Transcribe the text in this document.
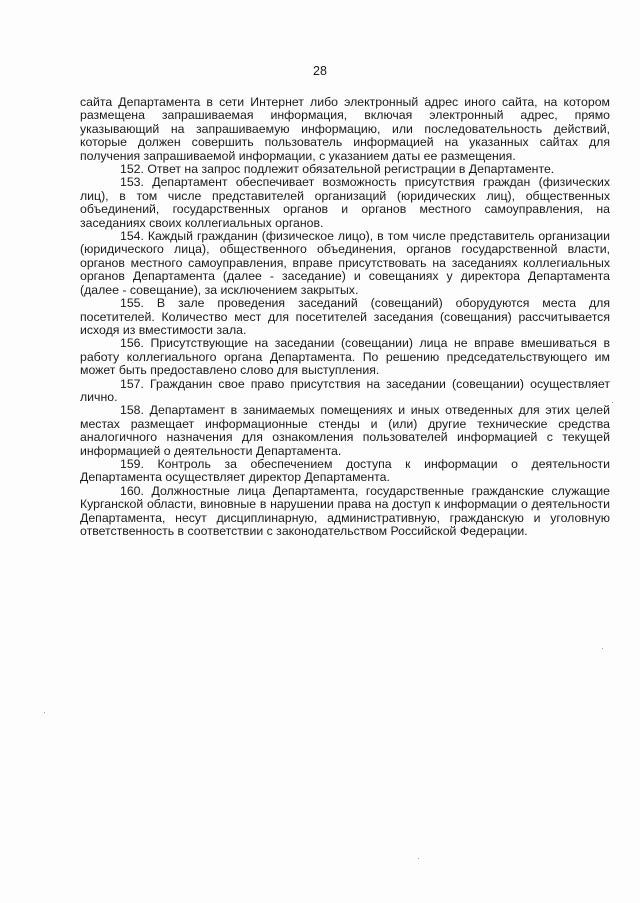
28

сайта Департамента в сети Интернет либо электронный адрес иного сайта, на котором размещена запрашиваемая информация, включая электронный адрес, прямо указывающий на запрашиваемую информацию, или последовательность действий, которые должен совершить пользователь информацией на указанных сайтах для получения запрашиваемой информации, с указанием даты ее размещения.

152. Ответ на запрос подлежит обязательной регистрации в Департаменте.

153. Департамент обеспечивает возможность присутствия граждан (физических лиц), в том числе представителей организаций (юридических лиц), общественных объединений, государственных органов и органов местного самоуправления, на заседаниях своих коллегиальных органов.

154. Каждый гражданин (физическое лицо), в том числе представитель организации (юридического лица), общественного объединения, органов государственной власти, органов местного самоуправления, вправе присутствовать на заседаниях коллегиальных органов Департамента (далее - заседание) и совещаниях у директора Департамента (далее - совещание), за исключением закрытых.

155. В зале проведения заседаний (совещаний) оборудуются места для посетителей. Количество мест для посетителей заседания (совещания) рассчитывается исходя из вместимости зала.

156. Присутствующие на заседании (совещании) лица не вправе вмешиваться в работу коллегиального органа Департамента. По решению председательствующего им может быть предоставлено слово для выступления.

157. Гражданин свое право присутствия на заседании (совещании) осуществляет лично.

158. Департамент в занимаемых помещениях и иных отведенных для этих целей местах размещает информационные стенды и (или) другие технические средства аналогичного назначения для ознакомления пользователей информацией с текущей информацией о деятельности Департамента.

159. Контроль за обеспечением доступа к информации о деятельности Департамента осуществляет директор Департамента.

160. Должностные лица Департамента, государственные гражданские служащие Курганской области, виновные в нарушении права на доступ к информации о деятельности Департамента, несут дисциплинарную, административную, гражданскую и уголовную ответственность в соответствии с законодательством Российской Федерации.
